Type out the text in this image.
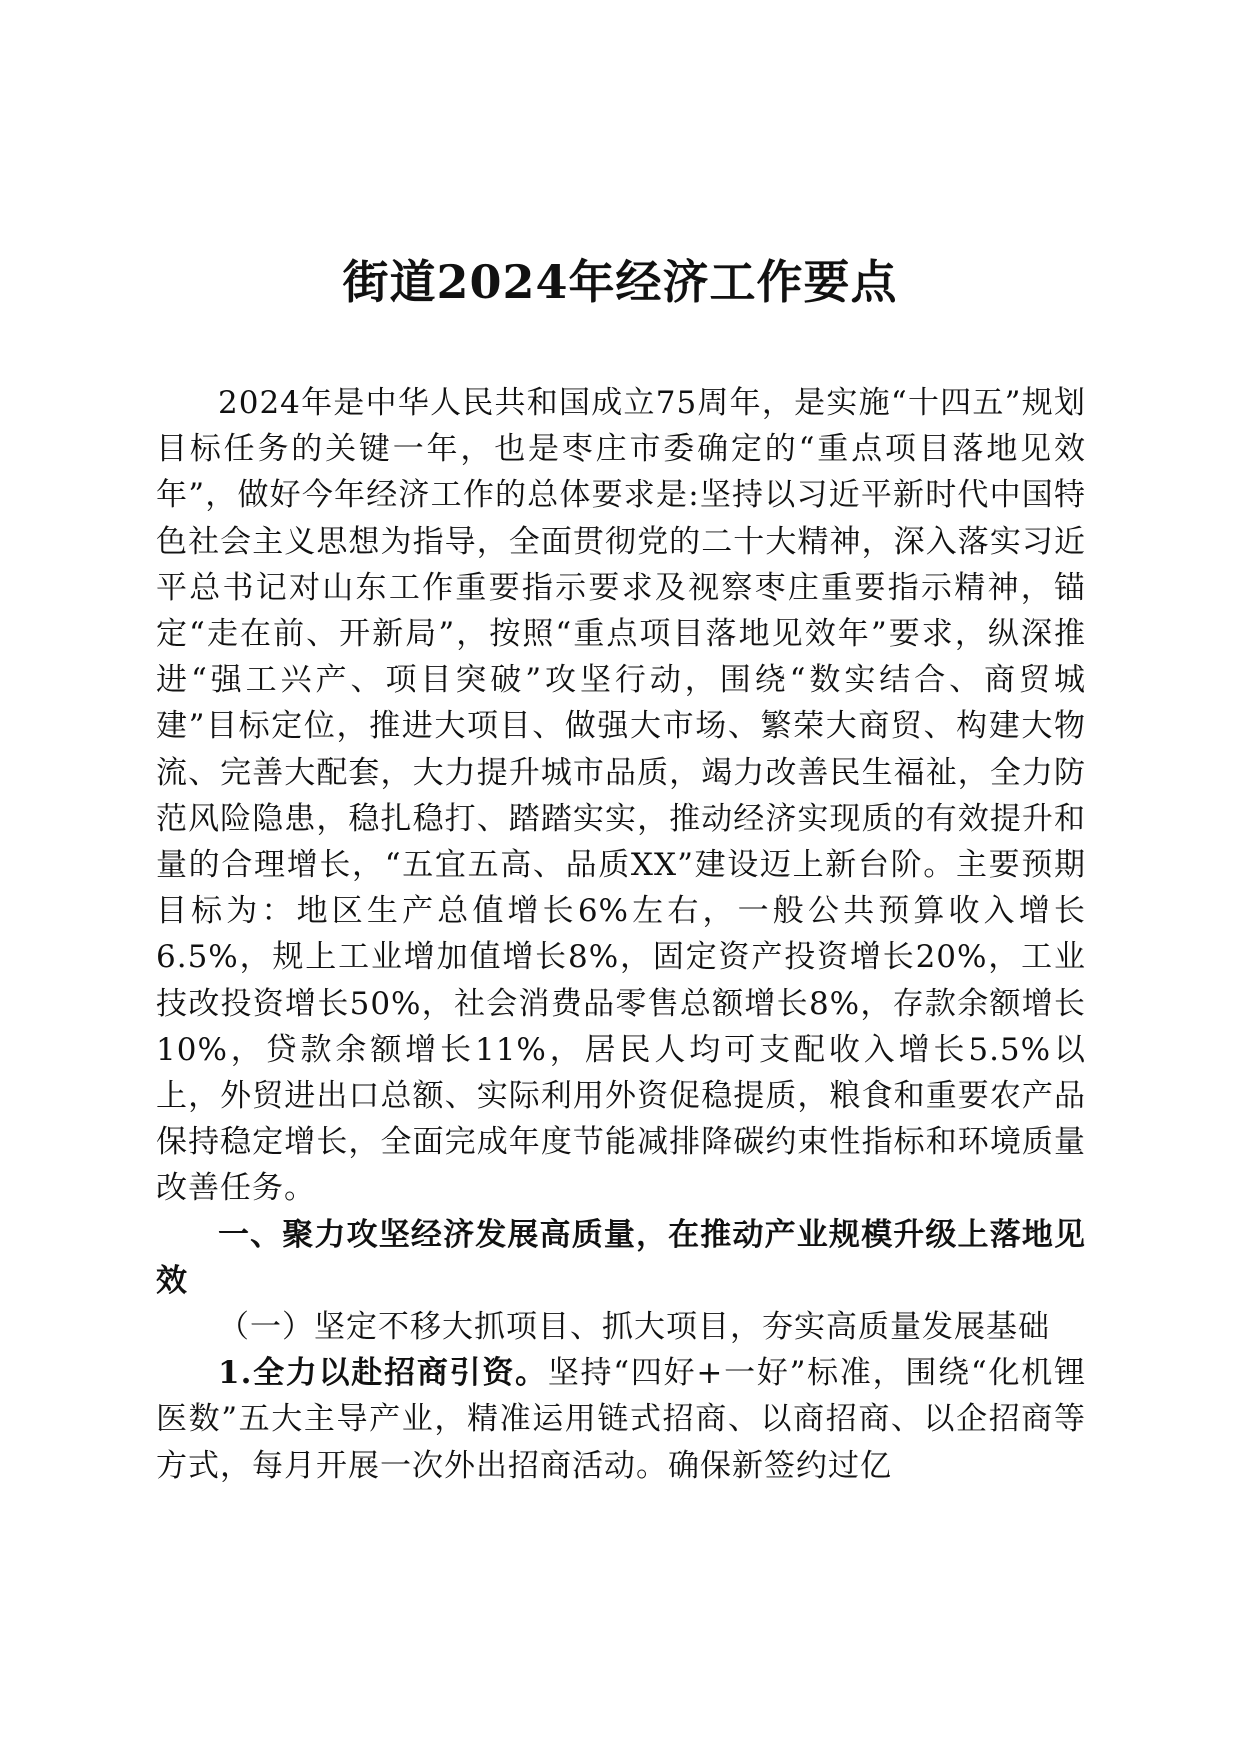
街道2024年经济工作要点

2024年是中华人民共和国成立75周年，是实施“十四五”规划目标任务的关键一年，也是枣庄市委确定的“重点项目落地见效年”，做好今年经济工作的总体要求是:坚持以习近平新时代中国特色社会主义思想为指导，全面贯彻党的二十大精神，深入落实习近平总书记对山东工作重要指示要求及视察枣庄重要指示精神，锚定“走在前、开新局”，按照“重点项目落地见效年”要求，纵深推进“强工兴产、项目突破”攻坚行动，围绕“数实结合、商贸城建”目标定位，推进大项目、做强大市场、繁荣大商贸、构建大物流、完善大配套，大力提升城市品质，竭力改善民生福祉，全力防范风险隐患，稳扎稳打、踏踏实实，推动经济实现质的有效提升和量的合理增长，“五宜五高、品质XX”建设迈上新台阶。主要预期目标为：地区生产总值增长6%左右，一般公共预算收入增长6.5%，规上工业增加值增长8%，固定资产投资增长20%，工业技改投资增长50%，社会消费品零售总额增长8%，存款余额增长10%，贷款余额增长11%，居民人均可支配收入增长5.5%以上，外贸进出口总额、实际利用外资促稳提质，粮食和重要农产品保持稳定增长，全面完成年度节能减排降碳约束性指标和环境质量改善任务。

一、聚力攻坚经济发展高质量，在推动产业规模升级上落地见效

（一）坚定不移大抓项目、抓大项目，夯实高质量发展基础

1.全力以赴招商引资。坚持“四好+一好”标准，围绕“化机锂医数”五大主导产业，精准运用链式招商、以商招商、以企招商等方式，每月开展一次外出招商活动。确保新签约过亿
